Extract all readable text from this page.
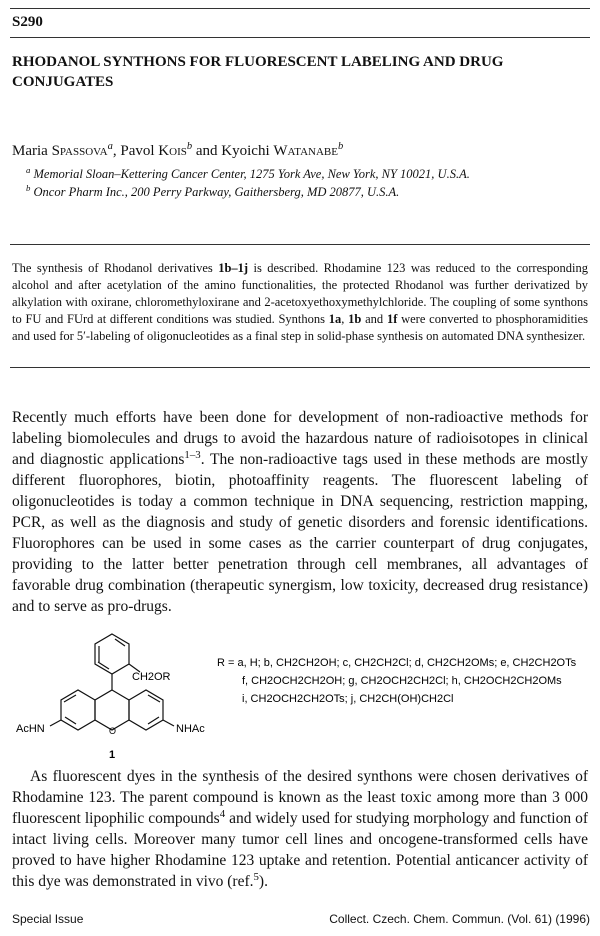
S290
RHODANOL SYNTHONS FOR FLUORESCENT LABELING AND DRUG CONJUGATES
Maria Spassova$^a$, Pavol Kois$^b$ and Kyoichi Watanabe$^b$
$^a$ Memorial Sloan–Kettering Cancer Center, 1275 York Ave, New York, NY 10021, U.S.A.
$^b$ Oncor Pharm Inc., 200 Perry Parkway, Gaithersberg, MD 20877, U.S.A.

The synthesis of Rhodanol derivatives 1b–1j is described. Rhodamine 123 was reduced to the corresponding alcohol and after acetylation of the amino functionalities, the protected Rhodanol was further derivatized by alkylation with oxirane, chloromethyloxirane and 2-acetoxyethoxymethylchloride. The coupling of some synthons to FU and FUrd at different conditions was studied. Synthons 1a, 1b and 1f were converted to phosphoramidities and used for 5′-labeling of oligonucleotides as a final step in solid-phase synthesis on automated DNA synthesizer.

Recently much efforts have been done for development of non-radioactive methods for labeling biomolecules and drugs to avoid the hazardous nature of radioisotopes in clinical and diagnostic applications$^{1-3}$. The non-radioactive tags used in these methods are mostly different fluorophores, biotin, photoaffinity reagents. The fluorescent labeling of oligonucleotides is today a common technique in DNA sequencing, restriction mapping, PCR, as well as the diagnosis and study of genetic disorders and forensic identifications. Fluorophores can be used in some cases as the carrier counterpart of drug conjugates, providing to the latter better penetration through cell membranes, all advantages of favorable drug combination (therapeutic synergism, low toxicity, decreased drug resistance) and to serve as pro-drugs.

O
CH2OR
AcHN	NHAc
1
R = a, H; b, CH2CH2OH; c, CH2CH2Cl; d, CH2CH2OMs; e, CH2CH2OTs
f, CH2OCH2CH2OH; g, CH2OCH2CH2Cl; h, CH2OCH2CH2OMs
i, CH2OCH2CH2OTs; j, CH2CH(OH)CH2Cl

As fluorescent dyes in the synthesis of the desired synthons were chosen derivatives of Rhodamine 123. The parent compound is known as the least toxic among more than 3 000 fluorescent lipophilic compounds$^4$ and widely used for studying morphology and function of intact living cells. Moreover many tumor cell lines and oncogene-transformed cells have proved to have higher Rhodamine 123 uptake and retention. Potential anticancer activity of this dye was demonstrated in vivo (ref.$^5$).

Special Issue	Collect. Czech. Chem. Commun. (Vol. 61) (1996)
